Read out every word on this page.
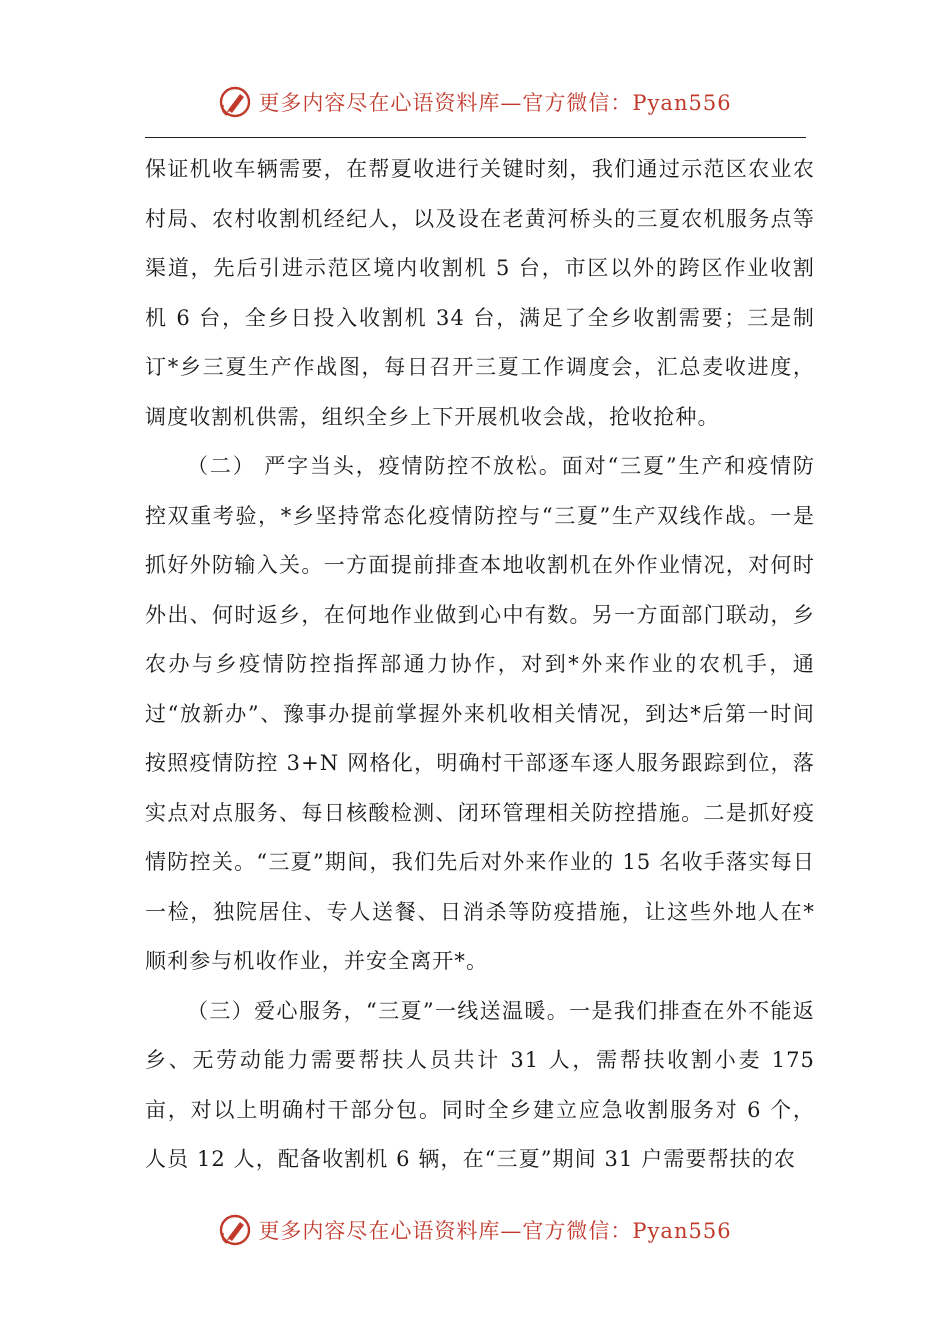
更多内容尽在心语资料库—官方微信：Pyan556

保证机收车辆需要，在帮夏收进行关键时刻，我们通过示范区农业农村局、农村收割机经纪人，以及设在老黄河桥头的三夏农机服务点等渠道，先后引进示范区境内收割机 5 台，市区以外的跨区作业收割机 6 台，全乡日投入收割机 34 台，满足了全乡收割需要；三是制订*乡三夏生产作战图，每日召开三夏工作调度会，汇总麦收进度，调度收割机供需，组织全乡上下开展机收会战，抢收抢种。

（二） 严字当头，疫情防控不放松。面对“三夏”生产和疫情防控双重考验，*乡坚持常态化疫情防控与“三夏”生产双线作战。一是抓好外防输入关。一方面提前排查本地收割机在外作业情况，对何时外出、何时返乡，在何地作业做到心中有数。另一方面部门联动，乡农办与乡疫情防控指挥部通力协作，对到*外来作业的农机手，通过“放新办”、豫事办提前掌握外来机收相关情况，到达*后第一时间按照疫情防控 3+N 网格化，明确村干部逐车逐人服务跟踪到位，落实点对点服务、每日核酸检测、闭环管理相关防控措施。二是抓好疫情防控关。“三夏”期间，我们先后对外来作业的 15 名收手落实每日一检，独院居住、专人送餐、日消杀等防疫措施，让这些外地人在*顺利参与机收作业，并安全离开*。

（三）爱心服务，“三夏”一线送温暖。一是我们排查在外不能返乡、无劳动能力需要帮扶人员共计 31 人，需帮扶收割小麦 175 亩，对以上明确村干部分包。同时全乡建立应急收割服务对 6 个，人员 12 人，配备收割机 6 辆，在“三夏”期间 31 户需要帮扶的农

更多内容尽在心语资料库—官方微信：Pyan556
